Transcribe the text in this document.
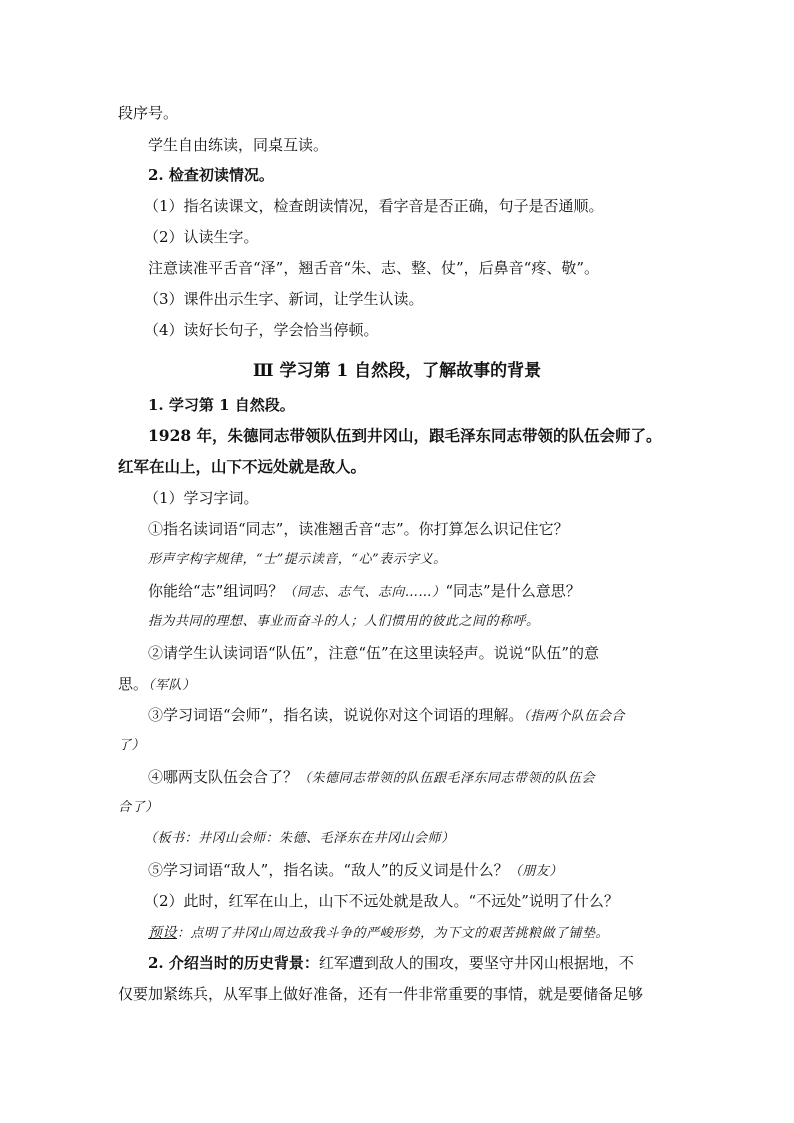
段序号。
学生自由练读，同桌互读。
2. 检查初读情况。
（1）指名读课文，检查朗读情况，看字音是否正确，句子是否通顺。
（2）认读生字。
注意读准平舌音“泽”，翘舌音“朱、志、整、仗”，后鼻音“疼、敬”。
（3）课件出示生字、新词，让学生认读。
（4）读好长句子，学会恰当停顿。
Ⅲ 学习第 1 自然段，了解故事的背景
1. 学习第 1 自然段。
1928 年，朱德同志带领队伍到井冈山，跟毛泽东同志带领的队伍会师了。
红军在山上，山下不远处就是敌人。
（1）学习字词。
①指名读词语“同志”，读准翘舌音“志”。你打算怎么识记住它？
形声字构字规律，“士”提示读音，“心”表示字义。
你能给“志”组词吗？（同志、志气、志向……）“同志”是什么意思？
指为共同的理想、事业而奋斗的人；人们惯用的彼此之间的称呼。
②请学生认读词语“队伍”，注意“伍”在这里读轻声。说说“队伍”的意
思。（军队）
③学习词语“会师”，指名读，说说你对这个词语的理解。（指两个队伍会合
了）
④哪两支队伍会合了？（朱德同志带领的队伍跟毛泽东同志带领的队伍会
合了）
（板书：井冈山会师：朱德、毛泽东在井冈山会师）
⑤学习词语“敌人”，指名读。“敌人”的反义词是什么？（朋友）
（2）此时，红军在山上，山下不远处就是敌人。“不远处”说明了什么？
预设：点明了井冈山周边敌我斗争的严峻形势，为下文的艰苦挑粮做了铺垫。
2. 介绍当时的历史背景：红军遭到敌人的围攻，要坚守井冈山根据地，不
仅要加紧练兵，从军事上做好准备，还有一件非常重要的事情，就是要储备足够
